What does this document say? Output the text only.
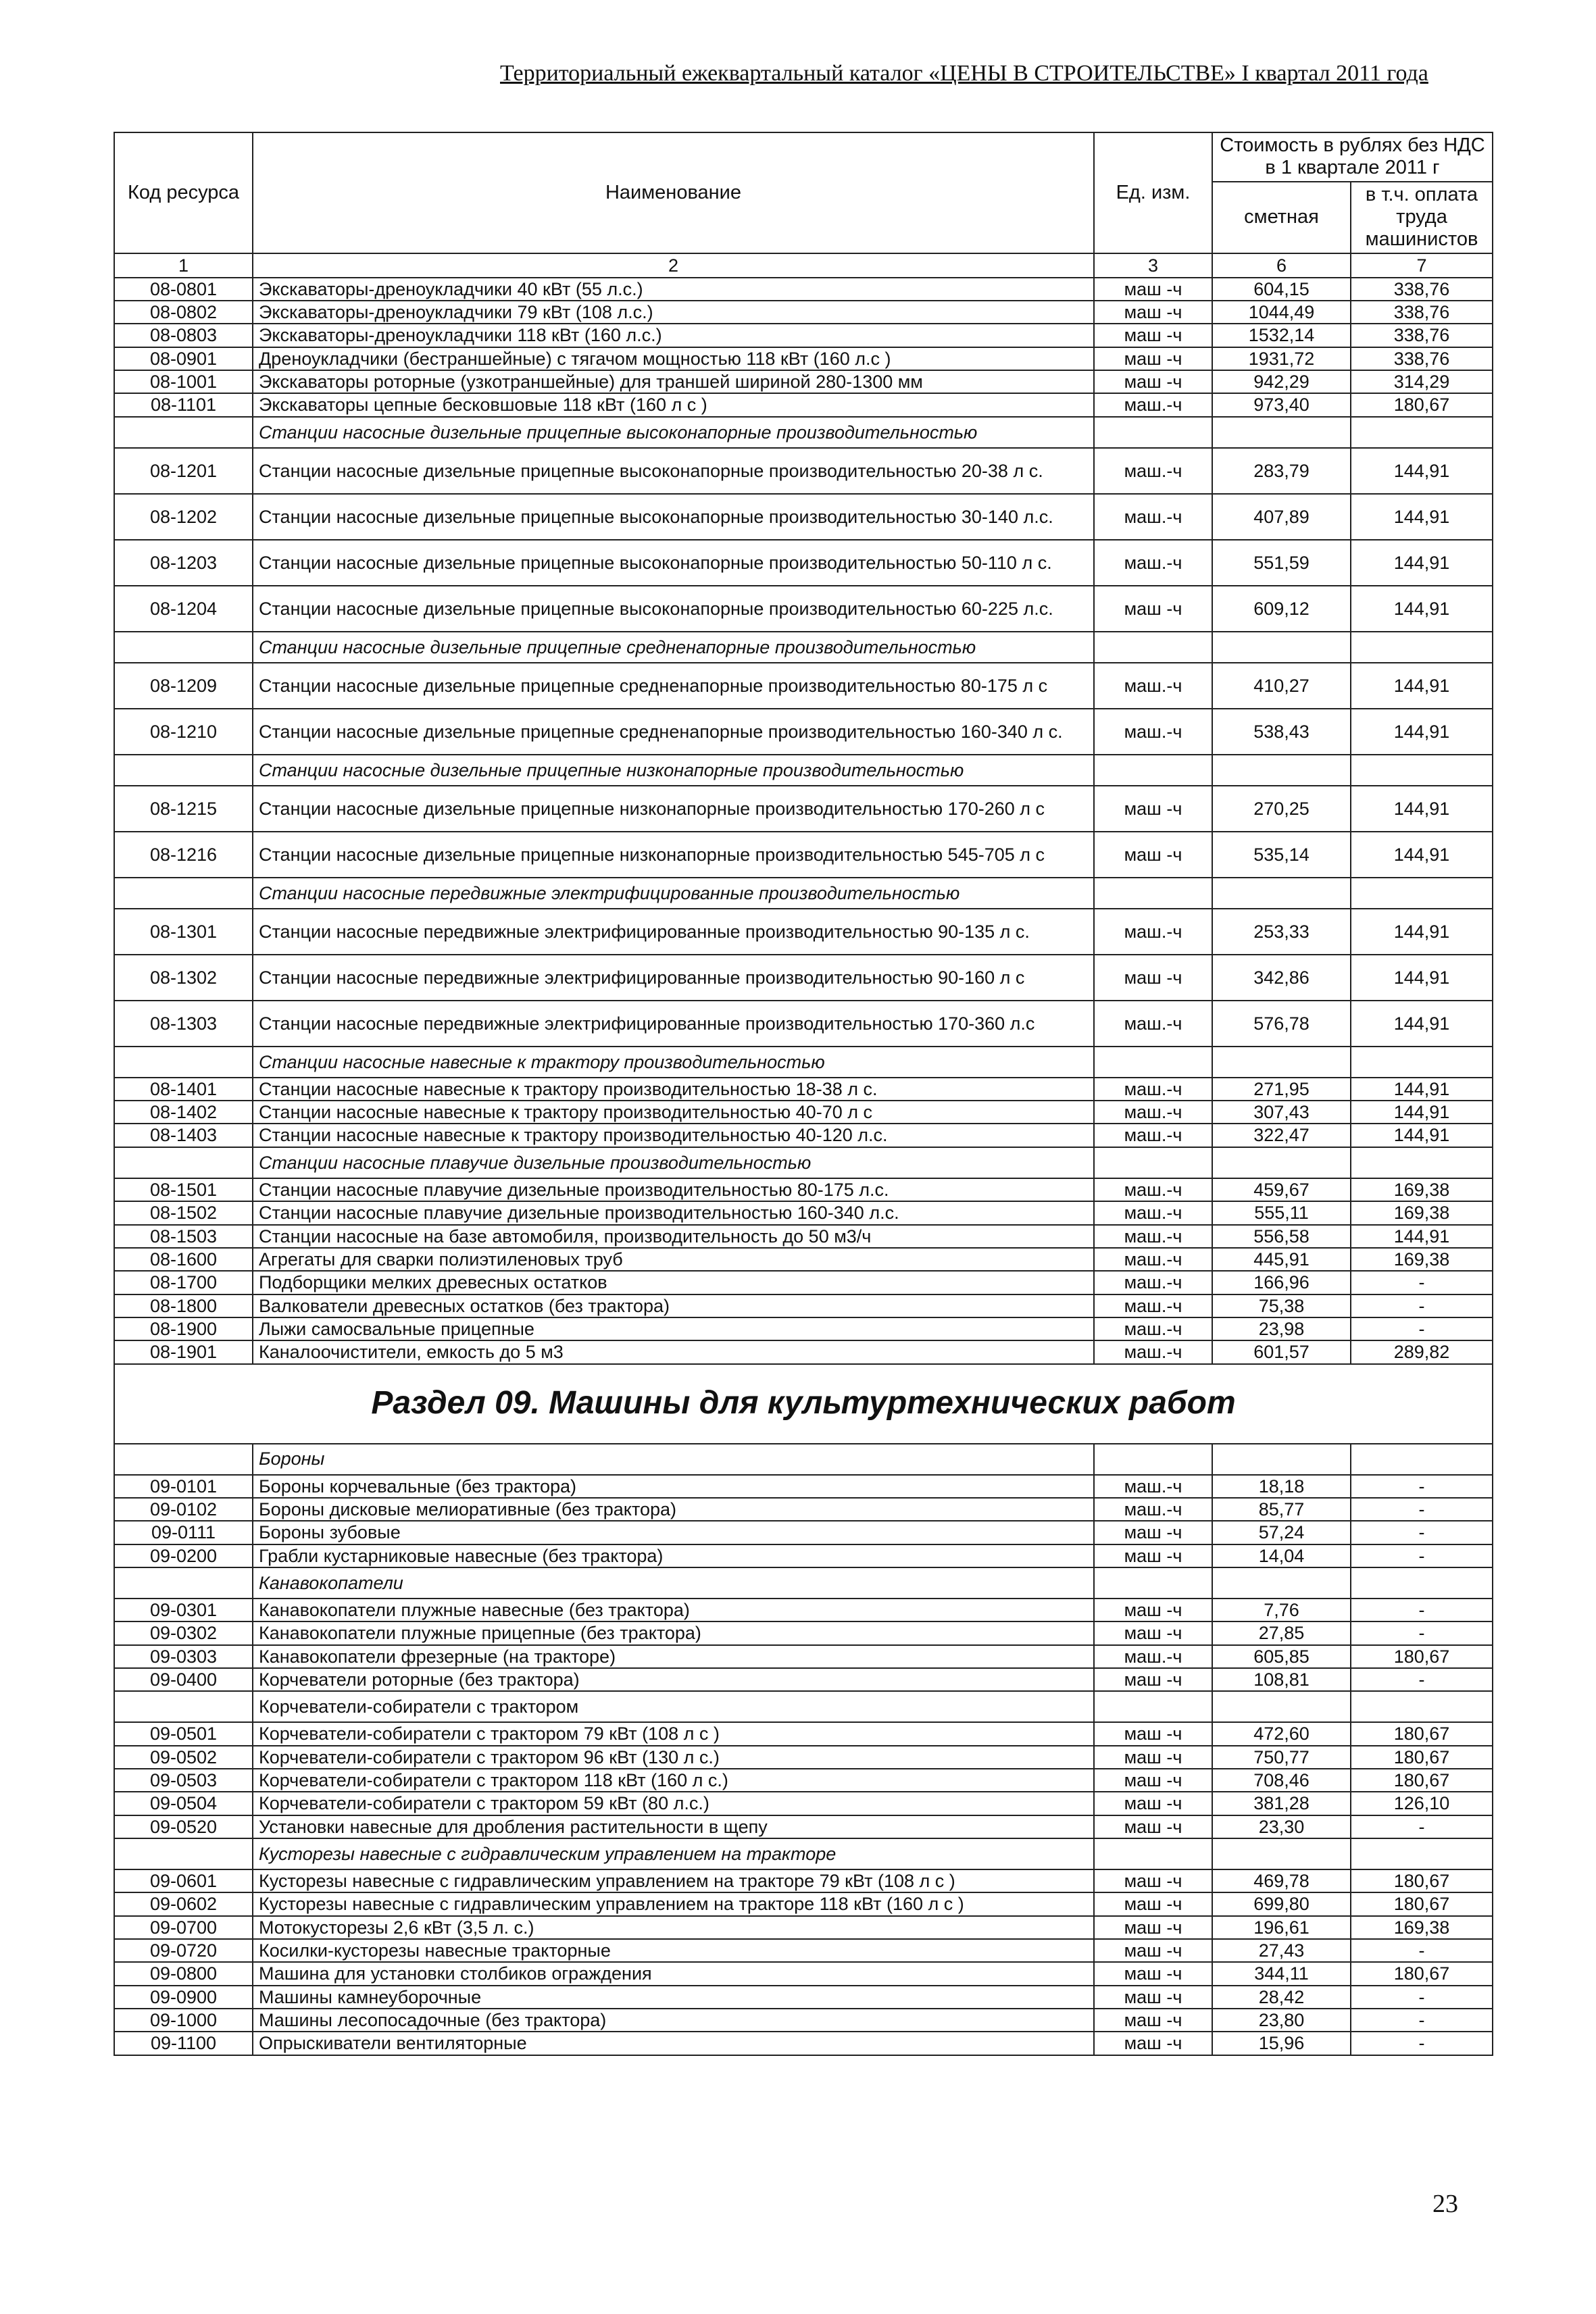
Территориальный ежеквартальный каталог «ЦЕНЫ В СТРОИТЕЛЬСТВЕ» I квартал 2011 года
Код ресурса	Наименование	Ед. изм.	Стоимость в рублях без НДС в 1 квартале 2011 г	
			сметная	в т.ч. оплата труда машинистов
1	2	3	6	7
08-0801	Экскаваторы-дреноукладчики 40 кВт (55 л.с.)	маш -ч	604,15	338,76
08-0802	Экскаваторы-дреноукладчики 79 кВт (108 л.с.)	маш -ч	1044,49	338,76
08-0803	Экскаваторы-дреноукладчики 118 кВт (160 л.с.)	маш -ч	1532,14	338,76
08-0901	Дреноукладчики (бестраншейные) с тягачом мощностью 118 кВт (160 л.с )	маш -ч	1931,72	338,76
08-1001	Экскаваторы роторные (узкотраншейные) для траншей шириной 280-1300 мм	маш -ч	942,29	314,29
08-1101	Экскаваторы цепные бесковшовые 118 кВт (160 л с )	маш.-ч	973,40	180,67
	Станции насосные дизельные прицепные высоконапорные производительностью			
08-1201	Станции насосные дизельные прицепные высоконапорные производительностью 20-38 л с.	маш.-ч	283,79	144,91
08-1202	Станции насосные дизельные прицепные высоконапорные производительностью 30-140 л.с.	маш.-ч	407,89	144,91
08-1203	Станции насосные дизельные прицепные высоконапорные производительностью 50-110 л с.	маш.-ч	551,59	144,91
08-1204	Станции насосные дизельные прицепные высоконапорные производительностью 60-225 л.с.	маш -ч	609,12	144,91
	Станции насосные дизельные прицепные средненапорные производительностью			
08-1209	Станции насосные дизельные прицепные средненапорные производительностью 80-175 л с	маш.-ч	410,27	144,91
08-1210	Станции насосные дизельные прицепные средненапорные производительностью 160-340 л с.	маш.-ч	538,43	144,91
	Станции насосные дизельные прицепные низконапорные производительностью			
08-1215	Станции насосные дизельные прицепные низконапорные производительностью 170-260 л с	маш -ч	270,25	144,91
08-1216	Станции насосные дизельные прицепные низконапорные производительностью 545-705 л с	маш -ч	535,14	144,91
	Станции насосные передвижные электрифицированные производительностью			
08-1301	Станции насосные передвижные электрифицированные производительностью 90-135 л с.	маш.-ч	253,33	144,91
08-1302	Станции насосные передвижные электрифицированные производительностью 90-160 л с	маш -ч	342,86	144,91
08-1303	Станции насосные передвижные электрифицированные производительностью 170-360 л.с	маш.-ч	576,78	144,91
	Станции насосные навесные к трактору производительностью			
08-1401	Станции насосные навесные к трактору производительностью 18-38 л с.	маш.-ч	271,95	144,91
08-1402	Станции насосные навесные к трактору производительностью 40-70 л с	маш.-ч	307,43	144,91
08-1403	Станции насосные навесные к трактору производительностью 40-120 л.с.	маш.-ч	322,47	144,91
	Станции насосные плавучие дизельные производительностью			
08-1501	Станции насосные плавучие дизельные производительностью 80-175 л.с.	маш.-ч	459,67	169,38
08-1502	Станции насосные плавучие дизельные производительностью 160-340 л.с.	маш.-ч	555,11	169,38
08-1503	Станции насосные на базе автомобиля, производительность до 50 м3/ч	маш.-ч	556,58	144,91
08-1600	Агрегаты для сварки полиэтиленовых труб	маш.-ч	445,91	169,38
08-1700	Подборщики мелких древесных остатков	маш.-ч	166,96	-
08-1800	Валкователи древесных остатков (без трактора)	маш.-ч	75,38	-
08-1900	Лыжи самосвальные прицепные	маш.-ч	23,98	-
08-1901	Каналоочистители, емкость до 5 м3	маш.-ч	601,57	289,82
Раздел 09. Машины для культуртехнических работ				
	Бороны			
09-0101	Бороны корчевальные (без трактора)	маш.-ч	18,18	-
09-0102	Бороны дисковые мелиоративные (без трактора)	маш.-ч	85,77	-
09-0111	Бороны зубовые	маш -ч	57,24	-
09-0200	Грабли кустарниковые навесные (без трактора)	маш -ч	14,04	-
	Канавокопатели			
09-0301	Канавокопатели плужные навесные (без трактора)	маш -ч	7,76	-
09-0302	Канавокопатели плужные прицепные (без трактора)	маш -ч	27,85	-
09-0303	Канавокопатели фрезерные (на тракторе)	маш.-ч	605,85	180,67
09-0400	Корчеватели роторные (без трактора)	маш -ч	108,81	-
	Корчеватели-собиратели с трактором			
09-0501	Корчеватели-собиратели с трактором 79 кВт (108 л с )	маш -ч	472,60	180,67
09-0502	Корчеватели-собиратели с трактором 96 кВт (130 л с.)	маш -ч	750,77	180,67
09-0503	Корчеватели-собиратели с трактором 118 кВт (160 л с.)	маш -ч	708,46	180,67
09-0504	Корчеватели-собиратели с трактором 59 кВт (80 л.с.)	маш -ч	381,28	126,10
09-0520	Установки навесные для дробления растительности в щепу	маш -ч	23,30	-
	Кусторезы навесные с гидравлическим управлением на тракторе			
09-0601	Кусторезы навесные с гидравлическим управлением на тракторе 79 кВт (108 л с )	маш -ч	469,78	180,67
09-0602	Кусторезы навесные с гидравлическим управлением на тракторе 118 кВт (160 л с )	маш -ч	699,80	180,67
09-0700	Мотокусторезы 2,6 кВт (3,5 л. с.)	маш -ч	196,61	169,38
09-0720	Косилки-кусторезы навесные тракторные	маш -ч	27,43	-
09-0800	Машина для установки столбиков ограждения	маш -ч	344,11	180,67
09-0900	Машины камнеуборочные	маш -ч	28,42	-
09-1000	Машины лесопосадочные (без трактора)	маш -ч	23,80	-
09-1100	Опрыскиватели вентиляторные	маш -ч	15,96	-
23
